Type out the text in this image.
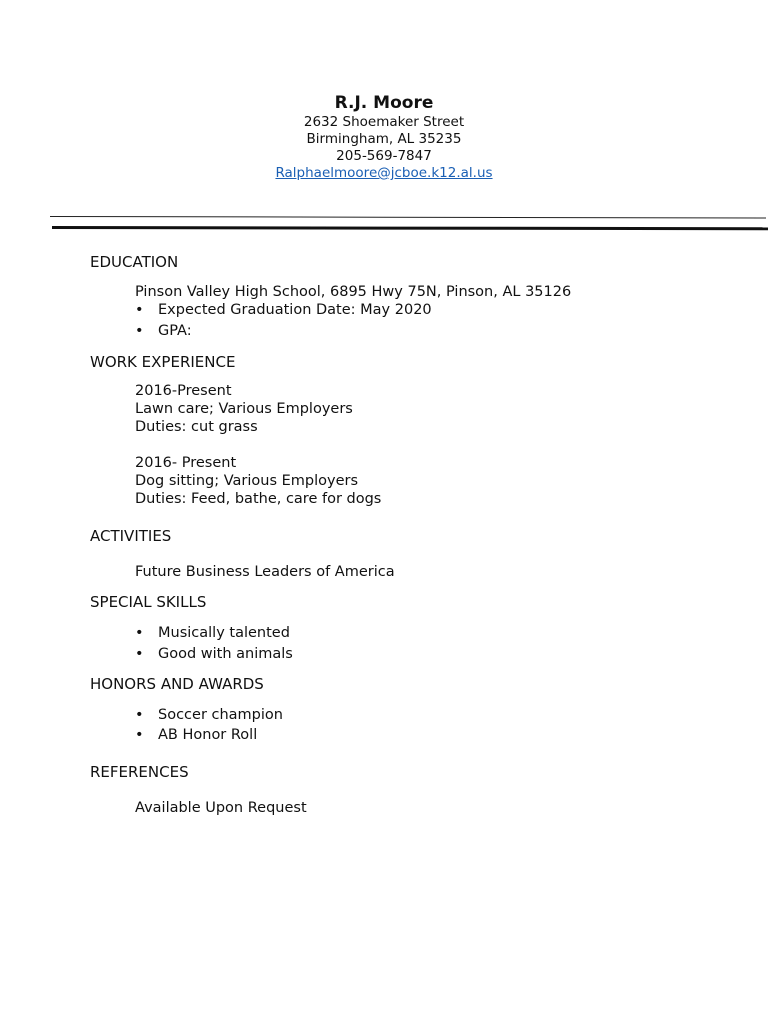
R.J. Moore
2632 Shoemaker Street
Birmingham, AL 35235
205-569-7847
Ralphaelmoore@jcboe.k12.al.us
EDUCATION
Pinson Valley High School, 6895 Hwy 75N, Pinson, AL 35126
• Expected Graduation Date: May 2020
• GPA:
WORK EXPERIENCE
2016-Present
Lawn care; Various Employers
Duties: cut grass
2016- Present
Dog sitting; Various Employers
Duties: Feed, bathe, care for dogs
ACTIVITIES
Future Business Leaders of America
SPECIAL SKILLS
• Musically talented
• Good with animals
HONORS AND AWARDS
• Soccer champion
• AB Honor Roll
REFERENCES
Available Upon Request
